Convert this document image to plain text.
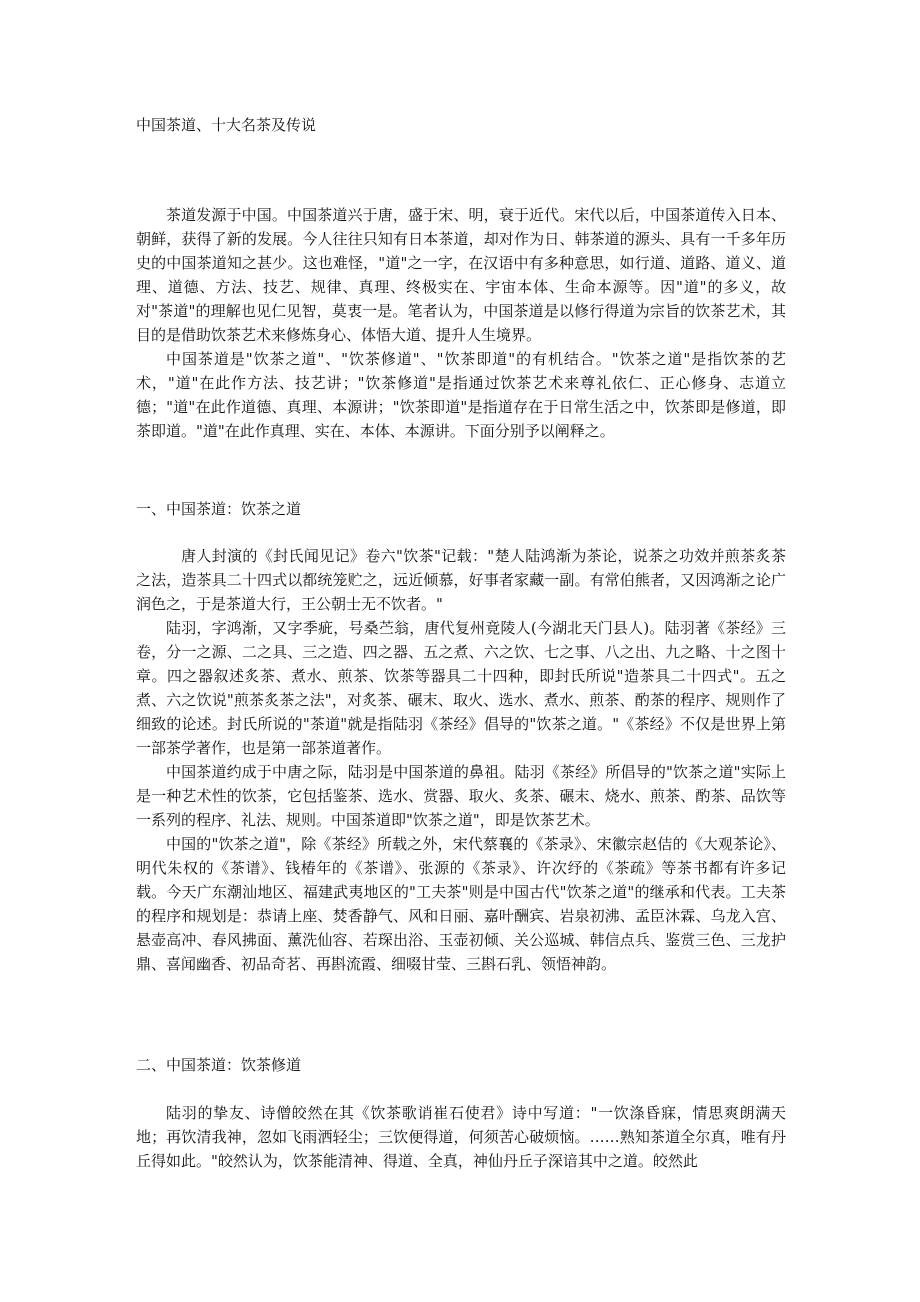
中国茶道、十大名茶及传说

茶道发源于中国。中国茶道兴于唐，盛于宋、明，衰于近代。宋代以后，中国茶道传入日本、朝鲜，获得了新的发展。今人往往只知有日本茶道，却对作为日、韩茶道的源头、具有一千多年历史的中国茶道知之甚少。这也难怪，"道"之一字，在汉语中有多种意思，如行道、道路、道义、道理、道德、方法、技艺、规律、真理、终极实在、宇宙本体、生命本源等。因"道"的多义，故对"茶道"的理解也见仁见智，莫衷一是。笔者认为，中国茶道是以修行得道为宗旨的饮茶艺术，其目的是借助饮茶艺术来修炼身心、体悟大道、提升人生境界。

中国茶道是"饮茶之道"、"饮茶修道"、"饮茶即道"的有机结合。"饮茶之道"是指饮茶的艺术，"道"在此作方法、技艺讲；"饮茶修道"是指通过饮茶艺术来尊礼依仁、正心修身、志道立德；"道"在此作道德、真理、本源讲；"饮茶即道"是指道存在于日常生活之中，饮茶即是修道，即茶即道。"道"在此作真理、实在、本体、本源讲。下面分别予以阐释之。

一、中国茶道：饮茶之道

唐人封演的《封氏闻见记》卷六"饮茶"记载："楚人陆鸿渐为茶论，说茶之功效并煎茶炙茶之法，造茶具二十四式以都统笼贮之，远近倾慕，好事者家藏一副。有常伯熊者，又因鸿渐之论广润色之，于是茶道大行，王公朝士无不饮者。"

陆羽，字鸿渐，又字季疵，号桑苎翁，唐代复州竟陵人(今湖北天门县人)。陆羽著《茶经》三卷，分一之源、二之具、三之造、四之器、五之煮、六之饮、七之事、八之出、九之略、十之图十章。四之器叙述炙茶、煮水、煎茶、饮茶等器具二十四种，即封氏所说"造茶具二十四式"。五之煮、六之饮说"煎茶炙茶之法"，对炙茶、碾末、取火、选水、煮水、煎茶、酌茶的程序、规则作了细致的论述。封氏所说的"茶道"就是指陆羽《茶经》倡导的"饮茶之道。"《茶经》不仅是世界上第一部茶学著作，也是第一部茶道著作。

中国茶道约成于中唐之际，陆羽是中国茶道的鼻祖。陆羽《茶经》所倡导的"饮茶之道"实际上是一种艺术性的饮茶，它包括鉴茶、选水、赏器、取火、炙茶、碾末、烧水、煎茶、酌茶、品饮等一系列的程序、礼法、规则。中国茶道即"饮茶之道"，即是饮茶艺术。

中国的"饮茶之道"，除《茶经》所载之外，宋代蔡襄的《茶录》、宋徽宗赵佶的《大观茶论》、明代朱权的《茶谱》、钱椿年的《茶谱》、张源的《茶录》、许次纾的《茶疏》等茶书都有许多记载。今天广东潮汕地区、福建武夷地区的"工夫茶"则是中国古代"饮茶之道"的继承和代表。工夫茶的程序和规划是：恭请上座、焚香静气、风和日丽、嘉叶酬宾、岩泉初沸、孟臣沐霖、乌龙入宫、悬壶高冲、春风拂面、薰洗仙容、若琛出浴、玉壶初倾、关公巡城、韩信点兵、鉴赏三色、三龙护鼎、喜闻幽香、初品奇茗、再斟流霞、细啜甘莹、三斟石乳、领悟神韵。

二、中国茶道：饮茶修道

陆羽的挚友、诗僧皎然在其《饮茶歌诮崔石使君》诗中写道："一饮涤昏寐，情思爽朗满天地；再饮清我神，忽如飞雨洒轻尘；三饮便得道，何须苦心破烦恼。……熟知茶道全尔真，唯有丹丘得如此。"皎然认为，饮茶能清神、得道、全真，神仙丹丘子深谙其中之道。皎然此
